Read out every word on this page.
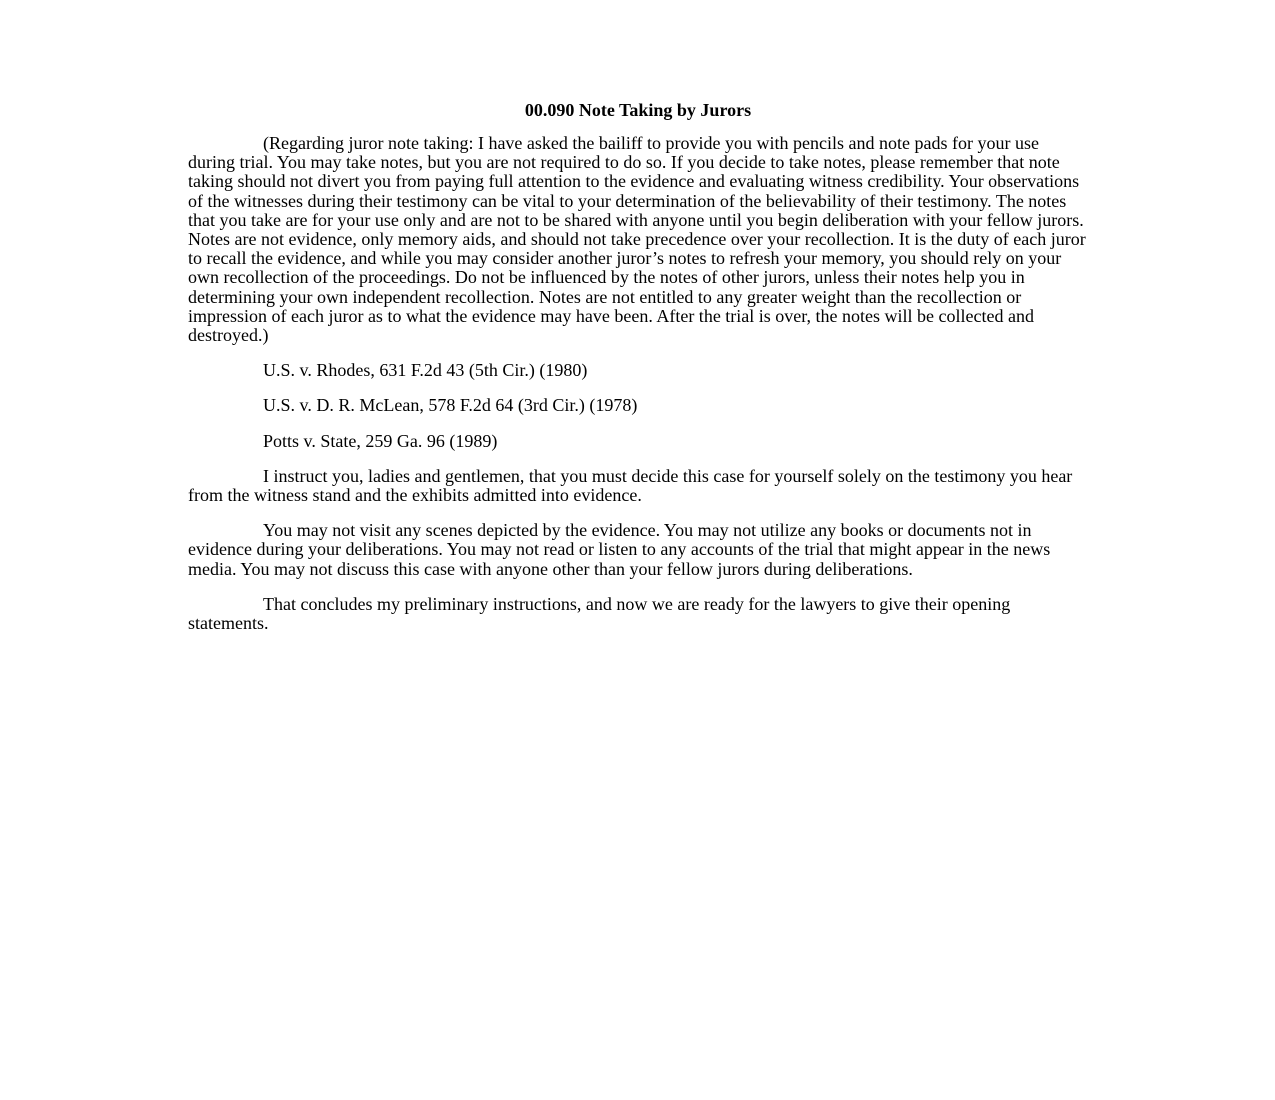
00.090 Note Taking by Jurors

(Regarding juror note taking: I have asked the bailiff to provide you with pencils and note pads for your use during trial. You may take notes, but you are not required to do so. If you decide to take notes, please remember that note taking should not divert you from paying full attention to the evidence and evaluating witness credibility. Your observations of the witnesses during their testimony can be vital to your determination of the believability of their testimony. The notes that you take are for your use only and are not to be shared with anyone until you begin deliberation with your fellow jurors. Notes are not evidence, only memory aids, and should not take precedence over your recollection. It is the duty of each juror to recall the evidence, and while you may consider another juror’s notes to refresh your memory, you should rely on your own recollection of the proceedings. Do not be influenced by the notes of other jurors, unless their notes help you in determining your own independent recollection. Notes are not entitled to any greater weight than the recollection or impression of each juror as to what the evidence may have been. After the trial is over, the notes will be collected and destroyed.)

U.S. v. Rhodes, 631 F.2d 43 (5th Cir.) (1980)

U.S. v. D. R. McLean, 578 F.2d 64 (3rd Cir.) (1978)

Potts v. State, 259 Ga. 96 (1989)

I instruct you, ladies and gentlemen, that you must decide this case for yourself solely on the testimony you hear from the witness stand and the exhibits admitted into evidence.

You may not visit any scenes depicted by the evidence. You may not utilize any books or documents not in evidence during your deliberations. You may not read or listen to any accounts of the trial that might appear in the news media. You may not discuss this case with anyone other than your fellow jurors during deliberations.

That concludes my preliminary instructions, and now we are ready for the lawyers to give their opening statements.
